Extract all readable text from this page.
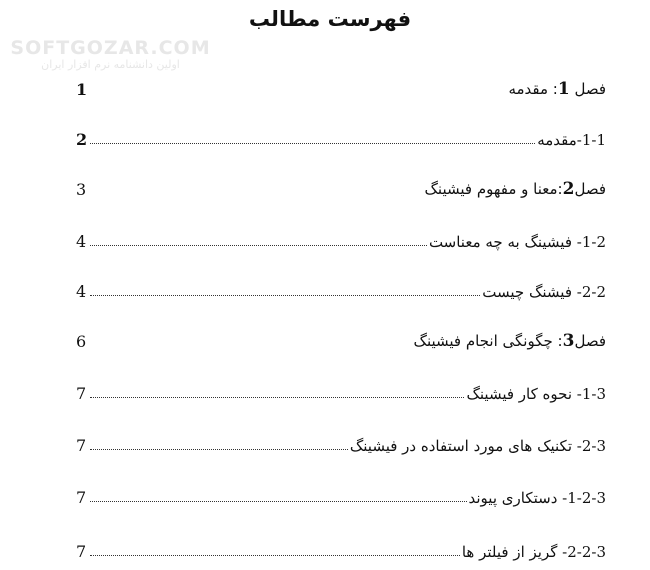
SOFTGOZAR.COM
اولین دانشنامه نرم افزار ایران
فهرست مطالب
فصل 1: مقدمه
1
1-1-مقدمه
2
فصل2:معنا و مفهوم فیشینگ
3
1-2- فیشینگ به چه معناست
4
2-2- فیشنگ چیست
4
فصل3: چگونگی انجام فیشینگ
6
1-3- نحوه کار فیشینگ
7
2-3- تکنیک های مورد استفاده در فیشینگ
7
1-2-3- دستکاری پیوند
7
2-2-3- گریز از فیلتر ها
7
